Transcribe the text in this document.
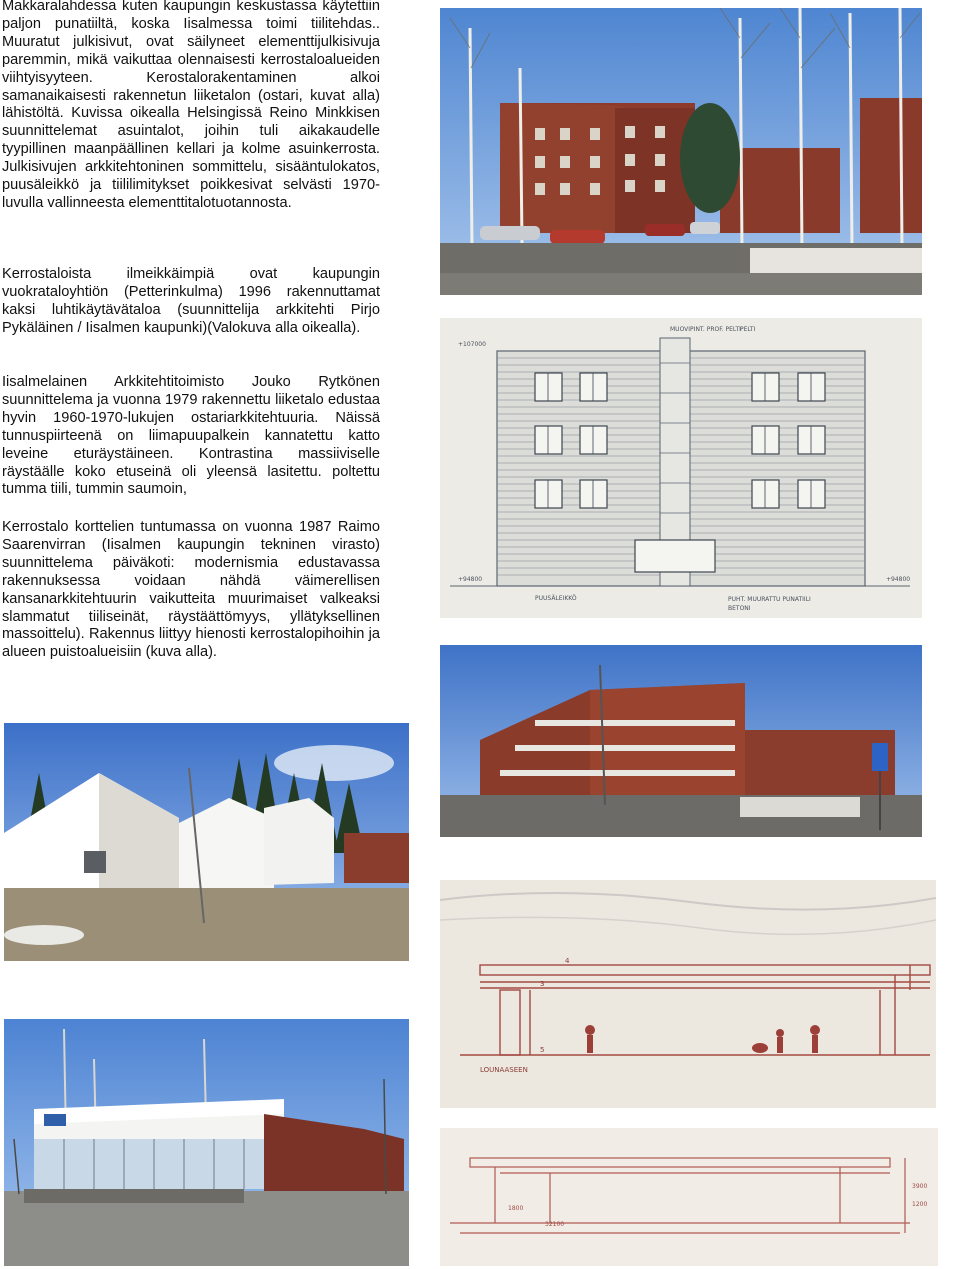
Makkaralahdessa kuten kaupungin keskustassa käytettiin paljon punatiiltä, koska Iisalmessa toimi tiilitehdas.. Muuratut julkisivut, ovat säilyneet elementtijulkisivuja paremmin, mikä vaikuttaa olennaisesti kerrostaloalueiden viihtyisyyteen. Kerostalorakentaminen alkoi samanaikaisesti rakennetun liiketalon (ostari, kuvat alla) lähistöltä. Kuvissa oikealla Helsingissä Reino Minkkisen suunnittelemat asuintalot, joihin tuli aikakaudelle tyypillinen maanpäällinen kellari ja kolme asuinkerrosta. Julkisivujen arkkitehtoninen sommittelu, sisääntulokatos, puusäleikkö ja tiililimitykset poikkesivat selvästi 1970-luvulla vallinneesta elementtitalotuotannosta.

Kerrostaloista ilmeikkäimpiä ovat kaupungin vuokrataloyhtiön (Petterinkulma) 1996 rakennuttamat kaksi luhtikäytävätaloa (suunnittelija arkkitehti Pirjo Pykäläinen / Iisalmen kaupunki)(Valokuva alla oikealla).

Iisalmelainen Arkkitehtitoimisto Jouko Rytkönen suunnittelema ja vuonna 1979 rakennettu liiketalo edustaa hyvin 1960-1970-lukujen ostariarkkitehtuuria. Näissä tunnuspiirteenä on liimapuupalkein kannatettu katto leveine eturäystäineen. Kontrastina massiiviselle räystäälle koko etuseinä oli yleensä lasitettu. poltettu tumma tiili, tummin saumoin,

Kerrostalo korttelien tuntumassa on vuonna 1987 Raimo Saarenvirran (Iisalmen kaupungin tekninen virasto) suunnittelema päiväkoti: modernismia edustavassa rakennuksessa voidaan nähdä väimerellisen kansanarkkitehtuurin vaikutteita muurimaiset valkeaksi slammatut tiiliseinät, räystäättömyys, yllätyksellinen massoittelu). Rakennus liittyy hienosti kerrostalopihoihin ja alueen puistoalueisiin (kuva alla).

MUOVIPINT. PROF. PELTI PELTI
+107000
+94800	+94800
PUUSÄLEIKKÖ	PUHT. MUURATTU PUNATIILI
BETONI
4
3
5
LOUNAASEEN
1800
32100
3900
1200
